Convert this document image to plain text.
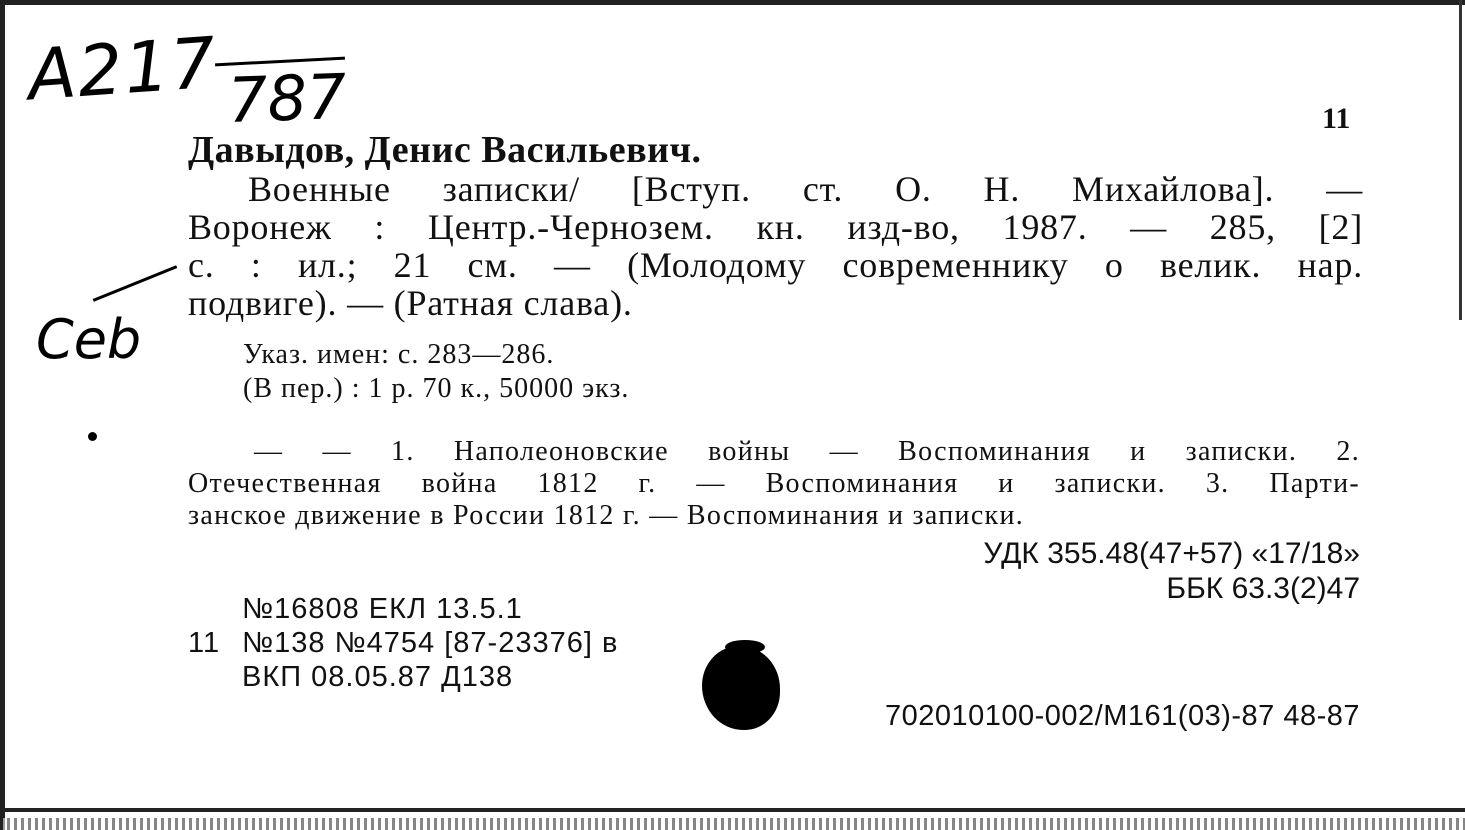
A217 787
Ceb
11
Давыдов, Денис Васильевич.
Военные записки/ [Вступ. ст. О. Н. Михайлова]. —
Воронеж : Центр.-Чернозем. кн. изд-во, 1987. — 285, [2]
с. : ил.; 21 см. — (Молодому современнику о велик. нар.
подвиге). — (Ратная слава).
Указ. имен: с. 283—286.
(В пер.) : 1 р. 70 к., 50000 экз.
— — 1. Наполеоновские войны — Воспоминания и записки. 2.
Отечественная война 1812 г. — Воспоминания и записки. 3. Парти-
занское движение в России 1812 г. — Воспоминания и записки.
УДК 355.48(47+57) «17/18»
ББК 63.3(2)47
№16808 ЕКЛ 13.5.1
11 №138 №4754 [87-23376] в
ВКП 08.05.87 Д138
702010100-002/М161(03)-87 48-87
